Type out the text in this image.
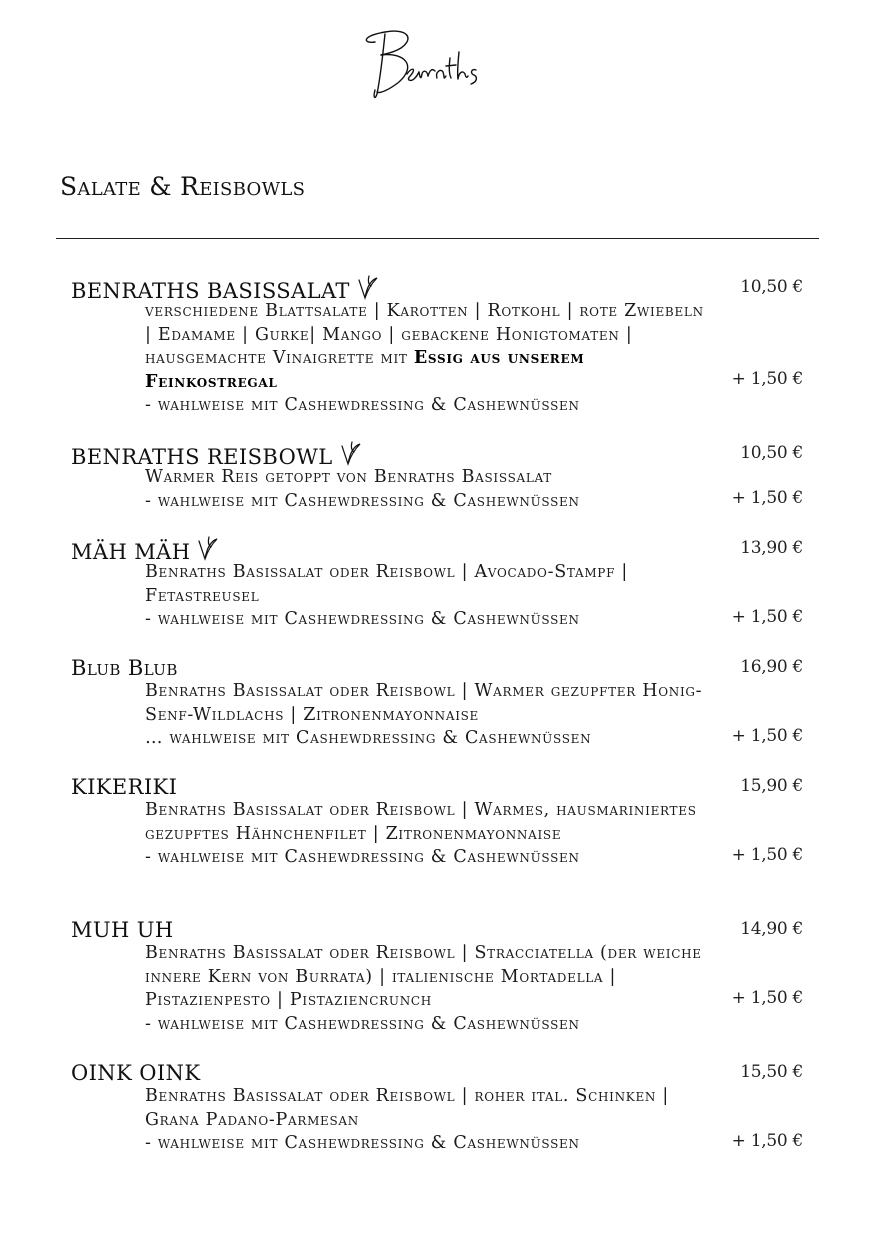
Salate & Reisbowls
BENRATHS BASISSALAT	10,50 €
verschiedene Blattsalate | Karotten | Rotkohl | rote Zwiebeln | Edamame | Gurke| Mango | gebackene Honigtomaten | hausgemachte Vinaigrette mit Essig aus unserem Feinkostregal
- wahlweise mit Cashewdressing & Cashewnüssen
+ 1,50 €
BENRATHS REISBOWL	10,50 €
Warmer Reis getoppt von Benraths Basissalat
- wahlweise mit Cashewdressing & Cashewnüssen	+ 1,50 €
MÄH MÄH	13,90 €
Benraths Basissalat oder Reisbowl | Avocado-Stampf | Fetastreusel
- wahlweise mit Cashewdressing & Cashewnüssen	+ 1,50 €
Blub Blub	16,90 €
Benraths Basissalat oder Reisbowl | Warmer gezupfter Honig-Senf-Wildlachs | Zitronenmayonnaise
… wahlweise mit Cashewdressing & Cashewnüssen	+ 1,50 €
KIKERIKI	15,90 €
Benraths Basissalat oder Reisbowl | Warmes, hausmariniertes gezupftes Hähnchenfilet | Zitronenmayonnaise
- wahlweise mit Cashewdressing & Cashewnüssen	+ 1,50 €
MUH UH	14,90 €
Benraths Basissalat oder Reisbowl | Stracciatella (der weiche innere Kern von Burrata) | italienische Mortadella | Pistazienpesto | Pistaziencrunch
- wahlweise mit Cashewdressing & Cashewnüssen
+ 1,50 €
OINK OINK	15,50 €
Benraths Basissalat oder Reisbowl | roher ital. Schinken | Grana Padano-Parmesan
- wahlweise mit Cashewdressing & Cashewnüssen	+ 1,50 €
